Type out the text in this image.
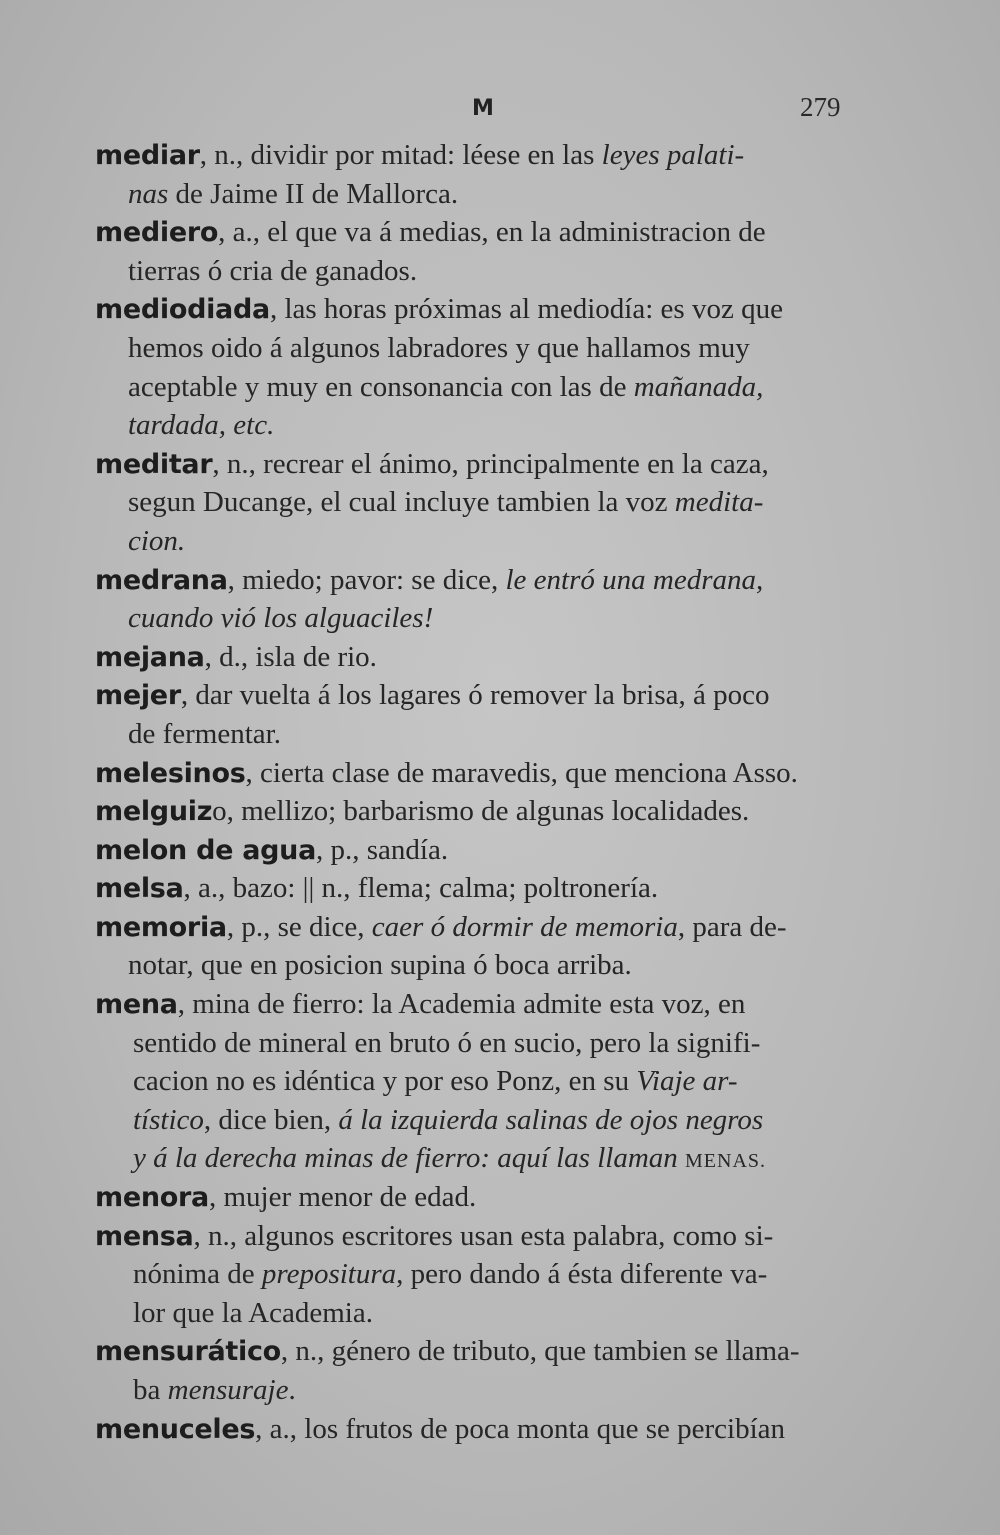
M	279
mediar, n., dividir por mitad: léese en las leyes palati-
nas de Jaime II de Mallorca.
mediero, a., el que va á medias, en la administracion de
tierras ó cria de ganados.
mediodiada, las horas próximas al mediodía: es voz que
hemos oido á algunos labradores y que hallamos muy
aceptable y muy en consonancia con las de mañanada,
tardada, etc.
meditar, n., recrear el ánimo, principalmente en la caza,
segun Ducange, el cual incluye tambien la voz medita-
cion.
medrana, miedo; pavor: se dice, le entró una medrana,
cuando vió los alguaciles!
mejana, d., isla de rio.
mejer, dar vuelta á los lagares ó remover la brisa, á poco
de fermentar.
melesinos, cierta clase de maravedis, que menciona Asso.
melguizo, mellizo; barbarismo de algunas localidades.
melon de agua, p., sandía.
melsa, a., bazo: || n., flema; calma; poltronería.
memoria, p., se dice, caer ó dormir de memoria, para de-
notar, que en posicion supina ó boca arriba.
mena, mina de fierro: la Academia admite esta voz, en
sentido de mineral en bruto ó en sucio, pero la signifi-
cacion no es idéntica y por eso Ponz, en su Viaje ar-
tístico, dice bien, á la izquierda salinas de ojos negros
y á la derecha minas de fierro: aquí las llaman MENAS.
menora, mujer menor de edad.
mensa, n., algunos escritores usan esta palabra, como si-
nónima de prepositura, pero dando á ésta diferente va-
lor que la Academia.
mensurático, n., género de tributo, que tambien se llama-
ba mensuraje.
menuceles, a., los frutos de poca monta que se percibían
